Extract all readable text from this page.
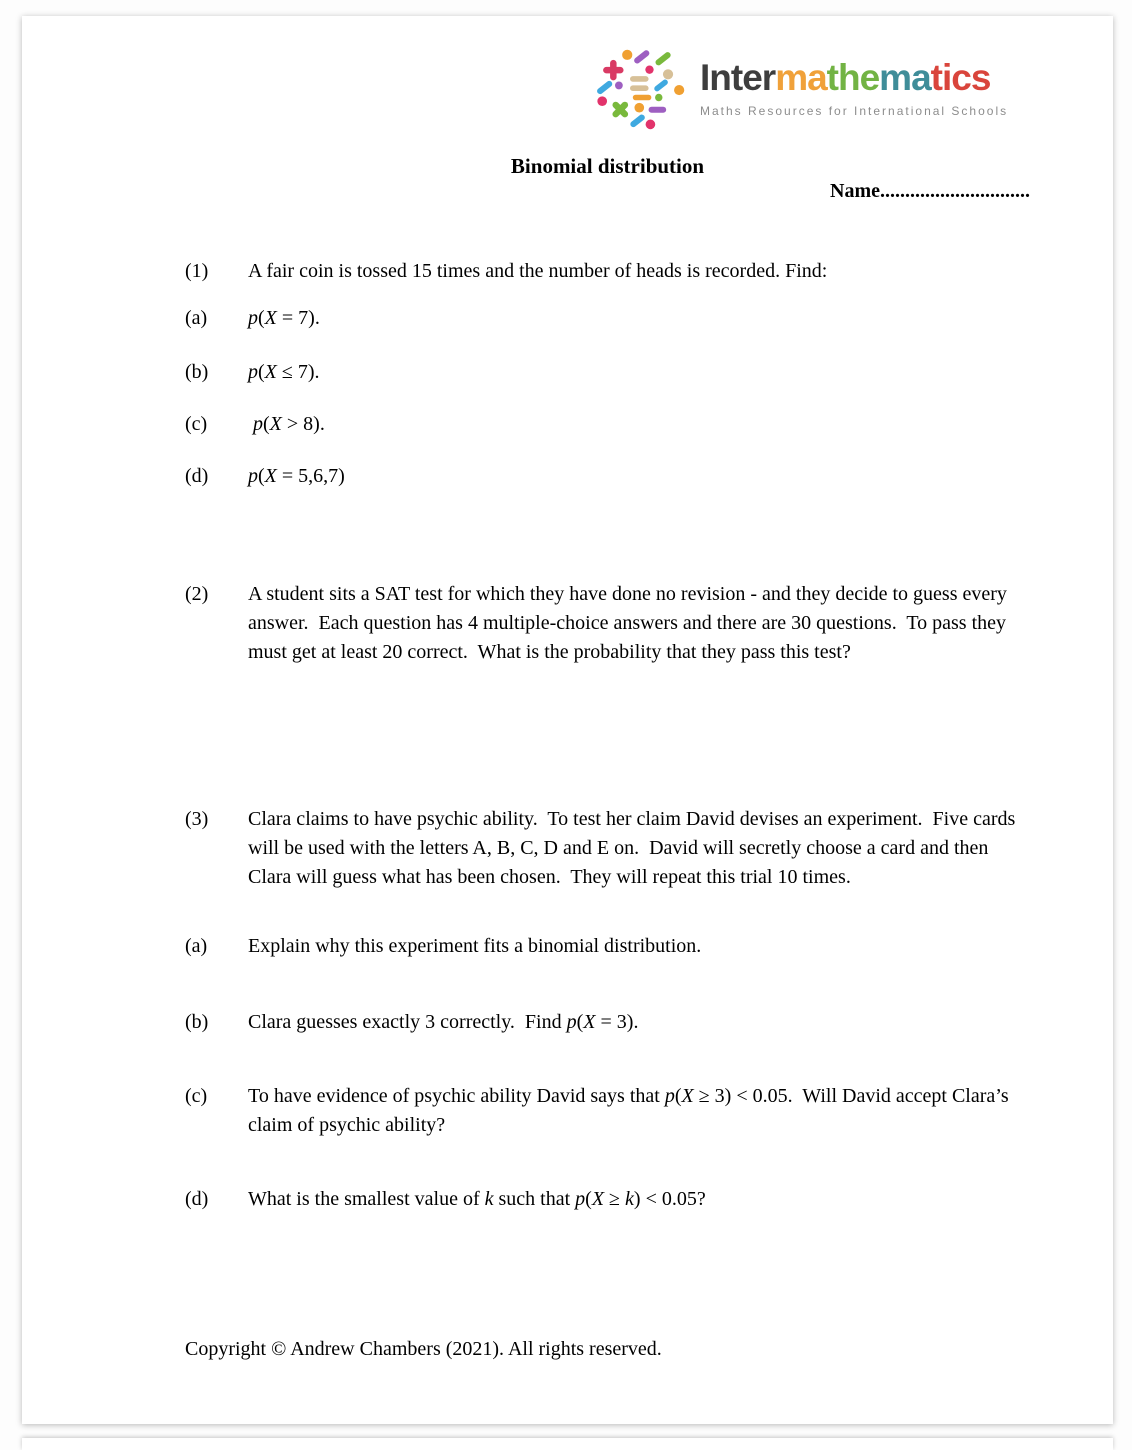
Intermathematics
Maths Resources for International Schools
Binomial distribution
Name..............................
(1)	A fair coin is tossed 15 times and the number of heads is recorded. Find:
(a)	p(X = 7).
(b)	p(X ≤ 7).
(c)	p(X > 8).
(d)	p(X = 5,6,7)
(2)	A student sits a SAT test for which they have done no revision - and they decide to guess every answer.  Each question has 4 multiple-choice answers and there are 30 questions.  To pass they must get at least 20 correct.  What is the probability that they pass this test?
(3)	Clara claims to have psychic ability.  To test her claim David devises an experiment.  Five cards will be used with the letters A, B, C, D and E on.  David will secretly choose a card and then Clara will guess what has been chosen.  They will repeat this trial 10 times.
(a)	Explain why this experiment fits a binomial distribution.
(b)	Clara guesses exactly 3 correctly.  Find p(X = 3).
(c)	To have evidence of psychic ability David says that p(X ≥ 3) < 0.05.  Will David accept Clara’s claim of psychic ability?
(d)	What is the smallest value of k such that p(X ≥ k) < 0.05?
Copyright © Andrew Chambers (2021). All rights reserved.
